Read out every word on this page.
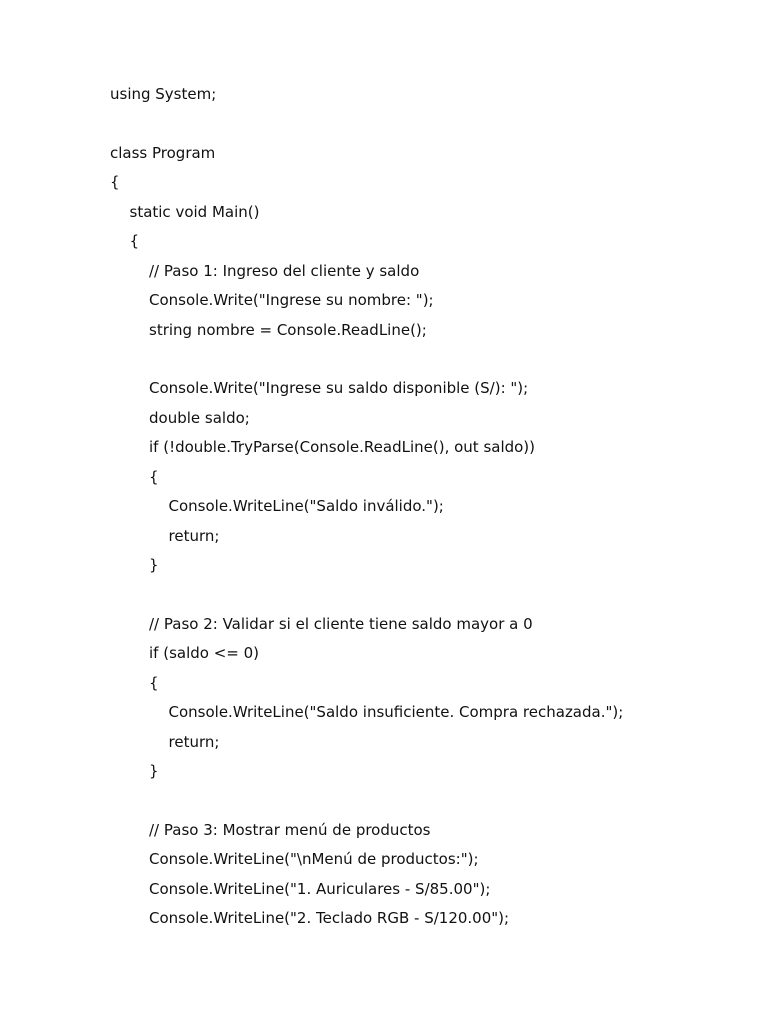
using System;
class Program
{
static void Main()
{
// Paso 1: Ingreso del cliente y saldo
Console.Write("Ingrese su nombre: ");
string nombre = Console.ReadLine();
Console.Write("Ingrese su saldo disponible (S/): ");
double saldo;
if (!double.TryParse(Console.ReadLine(), out saldo))
{
Console.WriteLine("Saldo inválido.");
return;
}
// Paso 2: Validar si el cliente tiene saldo mayor a 0
if (saldo <= 0)
{
Console.WriteLine("Saldo insuficiente. Compra rechazada.");
return;
}
// Paso 3: Mostrar menú de productos
Console.WriteLine("\nMenú de productos:");
Console.WriteLine("1. Auriculares - S/85.00");
Console.WriteLine("2. Teclado RGB - S/120.00");
